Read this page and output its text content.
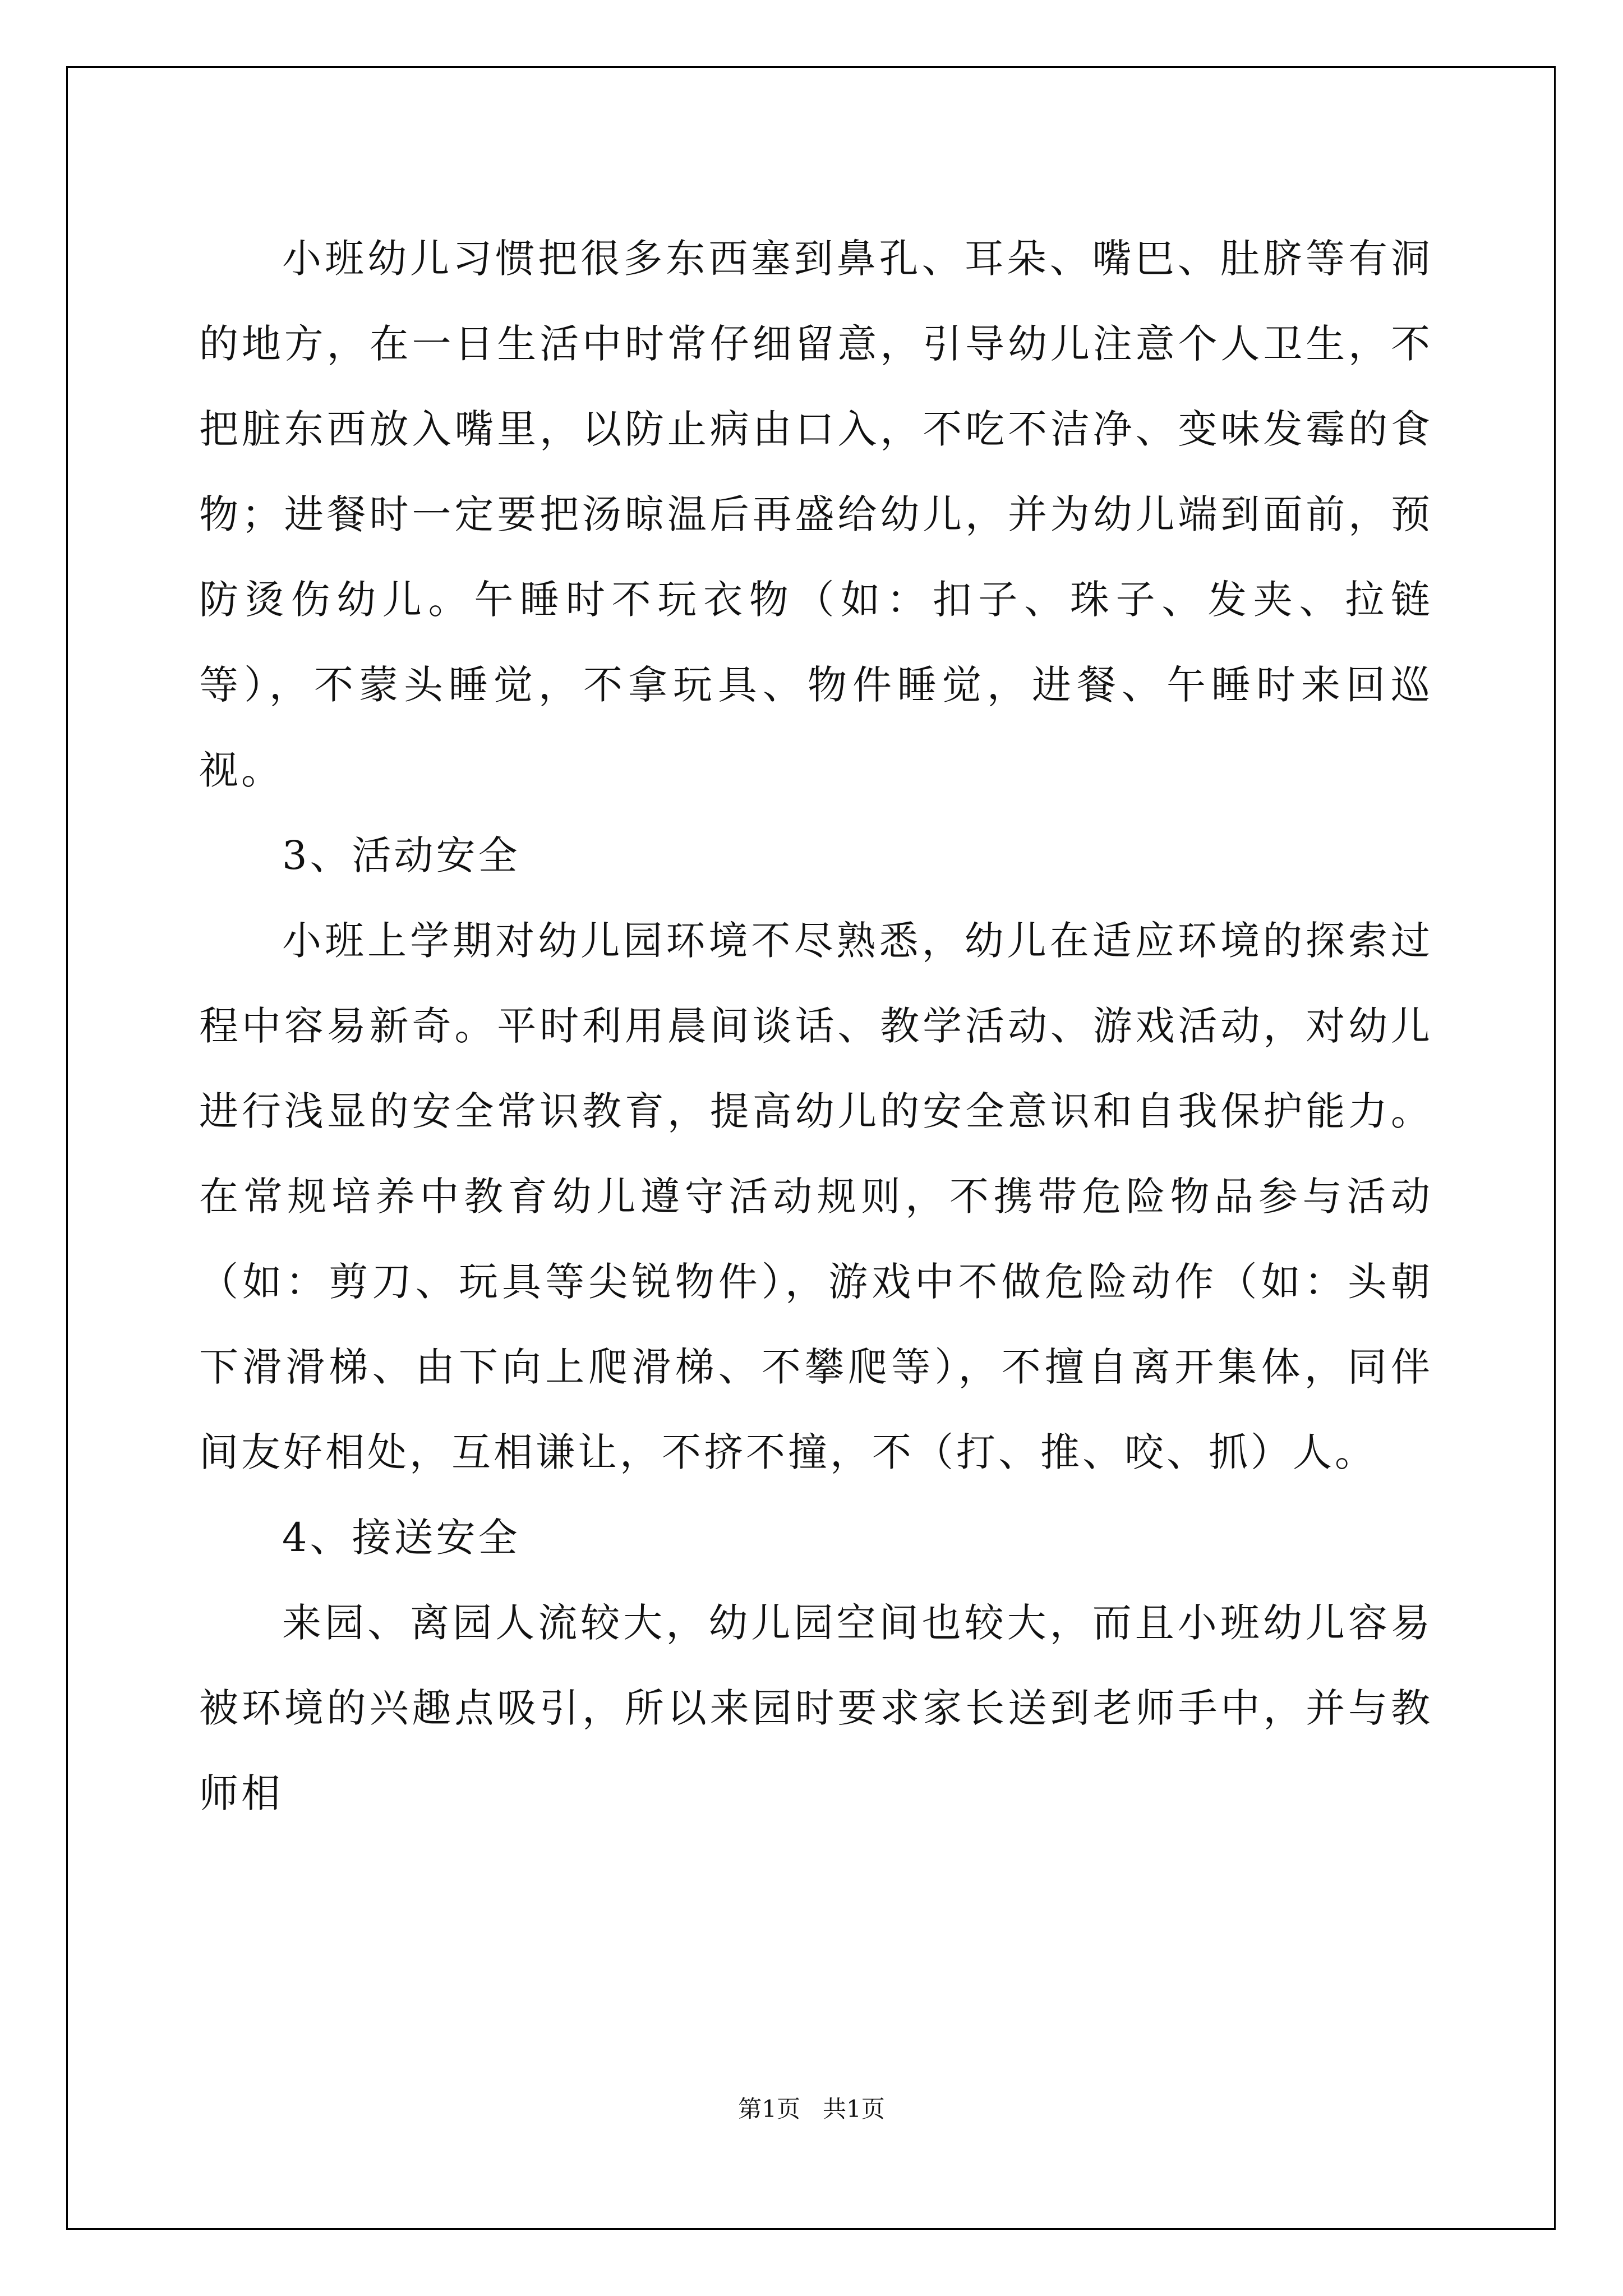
小班幼儿习惯把很多东西塞到鼻孔、耳朵、嘴巴、肚脐等有洞的地方，在一日生活中时常仔细留意，引导幼儿注意个人卫生，不把脏东西放入嘴里，以防止病由口入，不吃不洁净、变味发霉的食物；进餐时一定要把汤晾温后再盛给幼儿，并为幼儿端到面前，预防烫伤幼儿。午睡时不玩衣物（如：扣子、珠子、发夹、拉链等），不蒙头睡觉，不拿玩具、物件睡觉，进餐、午睡时来回巡视。

3、活动安全

小班上学期对幼儿园环境不尽熟悉，幼儿在适应环境的探索过程中容易新奇。平时利用晨间谈话、教学活动、游戏活动，对幼儿进行浅显的安全常识教育，提高幼儿的安全意识和自我保护能力。在常规培养中教育幼儿遵守活动规则，不携带危险物品参与活动（如：剪刀、玩具等尖锐物件），游戏中不做危险动作（如：头朝下滑滑梯、由下向上爬滑梯、不攀爬等），不擅自离开集体，同伴间友好相处，互相谦让，不挤不撞，不（打、推、咬、抓）人。

4、接送安全

来园、离园人流较大，幼儿园空间也较大，而且小班幼儿容易被环境的兴趣点吸引，所以来园时要求家长送到老师手中，并与教师相

第1页   共1页
